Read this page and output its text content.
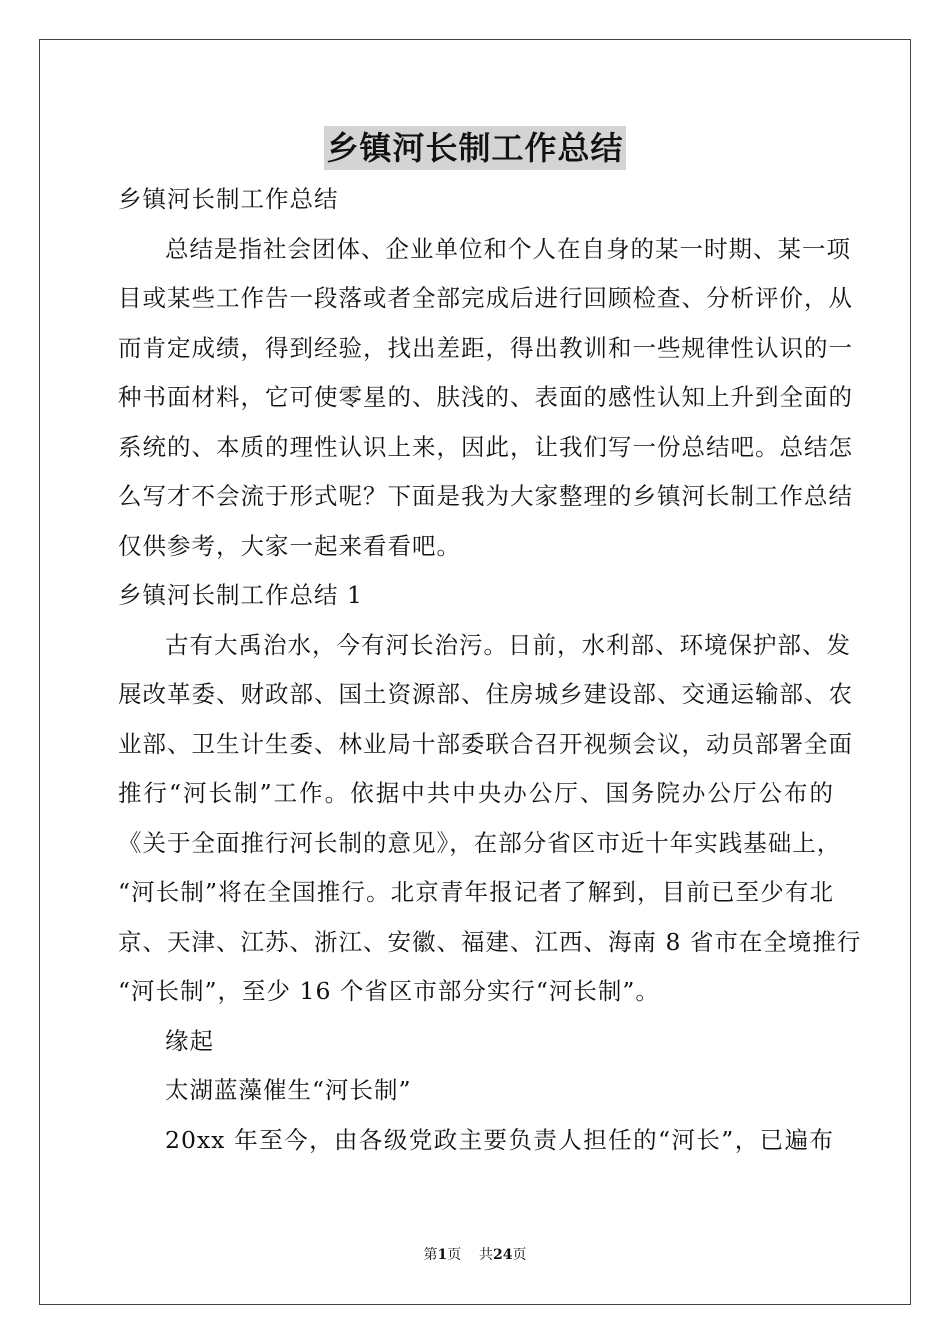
乡镇河长制工作总结
乡镇河长制工作总结
总结是指社会团体、企业单位和个人在自身的某一时期、某一项
目或某些工作告一段落或者全部完成后进行回顾检查、分析评价，从
而肯定成绩，得到经验，找出差距，得出教训和一些规律性认识的一
种书面材料，它可使零星的、肤浅的、表面的感性认知上升到全面的
系统的、本质的理性认识上来，因此，让我们写一份总结吧。总结怎
么写才不会流于形式呢？下面是我为大家整理的乡镇河长制工作总结
仅供参考，大家一起来看看吧。
乡镇河长制工作总结 1
古有大禹治水，今有河长治污。日前，水利部、环境保护部、发
展改革委、财政部、国土资源部、住房城乡建设部、交通运输部、农
业部、卫生计生委、林业局十部委联合召开视频会议，动员部署全面
推行“河长制”工作。依据中共中央办公厅、国务院办公厅公布的
《关于全面推行河长制的意见》，在部分省区市近十年实践基础上，
“河长制”将在全国推行。北京青年报记者了解到，目前已至少有北
京、天津、江苏、浙江、安徽、福建、江西、海南 8 省市在全境推行
“河长制”，至少 16 个省区市部分实行“河长制”。
缘起
太湖蓝藻催生“河长制”
20xx 年至今，由各级党政主要负责人担任的“河长”，已遍布
第1页 共24页
